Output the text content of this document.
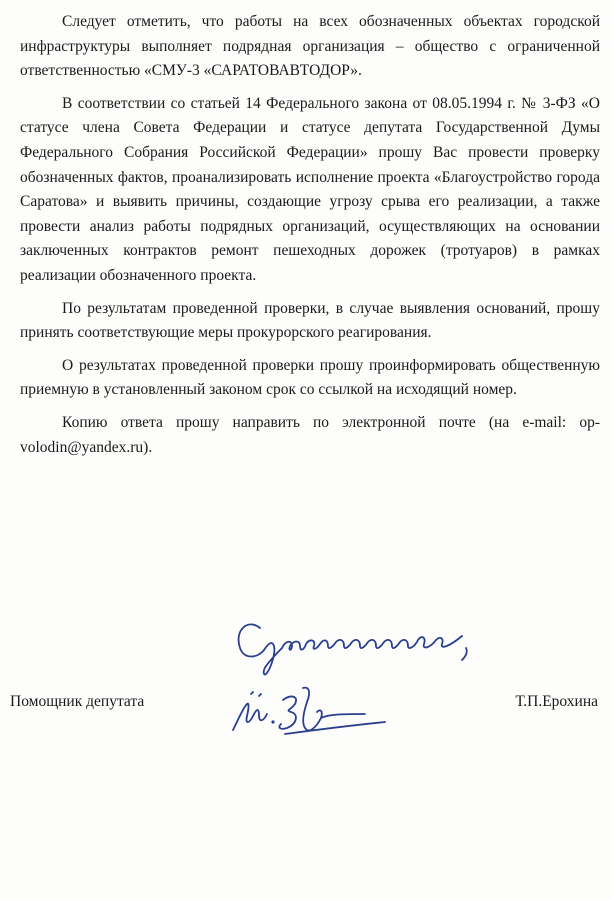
Следует отметить, что работы на всех обозначенных объектах городской инфраструктуры выполняет подрядная организация – общество с ограниченной ответственностью «СМУ-3 «САРАТОВАВТОДОР».

В соответствии со статьей 14 Федерального закона от 08.05.1994 г. № 3-ФЗ «О статусе члена Совета Федерации и статусе депутата Государственной Думы Федерального Собрания Российской Федерации» прошу Вас провести проверку обозначенных фактов, проанализировать исполнение проекта «Благоустройство города Саратова» и выявить причины, создающие угрозу срыва его реализации, а также провести анализ работы подрядных организаций, осуществляющих на основании заключенных контрактов ремонт пешеходных дорожек (тротуаров) в рамках реализации обозначенного проекта.

По результатам проведенной проверки, в случае выявления оснований, прошу принять соответствующие меры прокурорского реагирования.

О результатах проведенной проверки прошу проинформировать общественную приемную в установленный законом срок со ссылкой на исходящий номер.

Копию ответа прошу направить по электронной почте (на e-mail: op-volodin@yandex.ru).

Помощник депутата	Т.П.Ерохина
